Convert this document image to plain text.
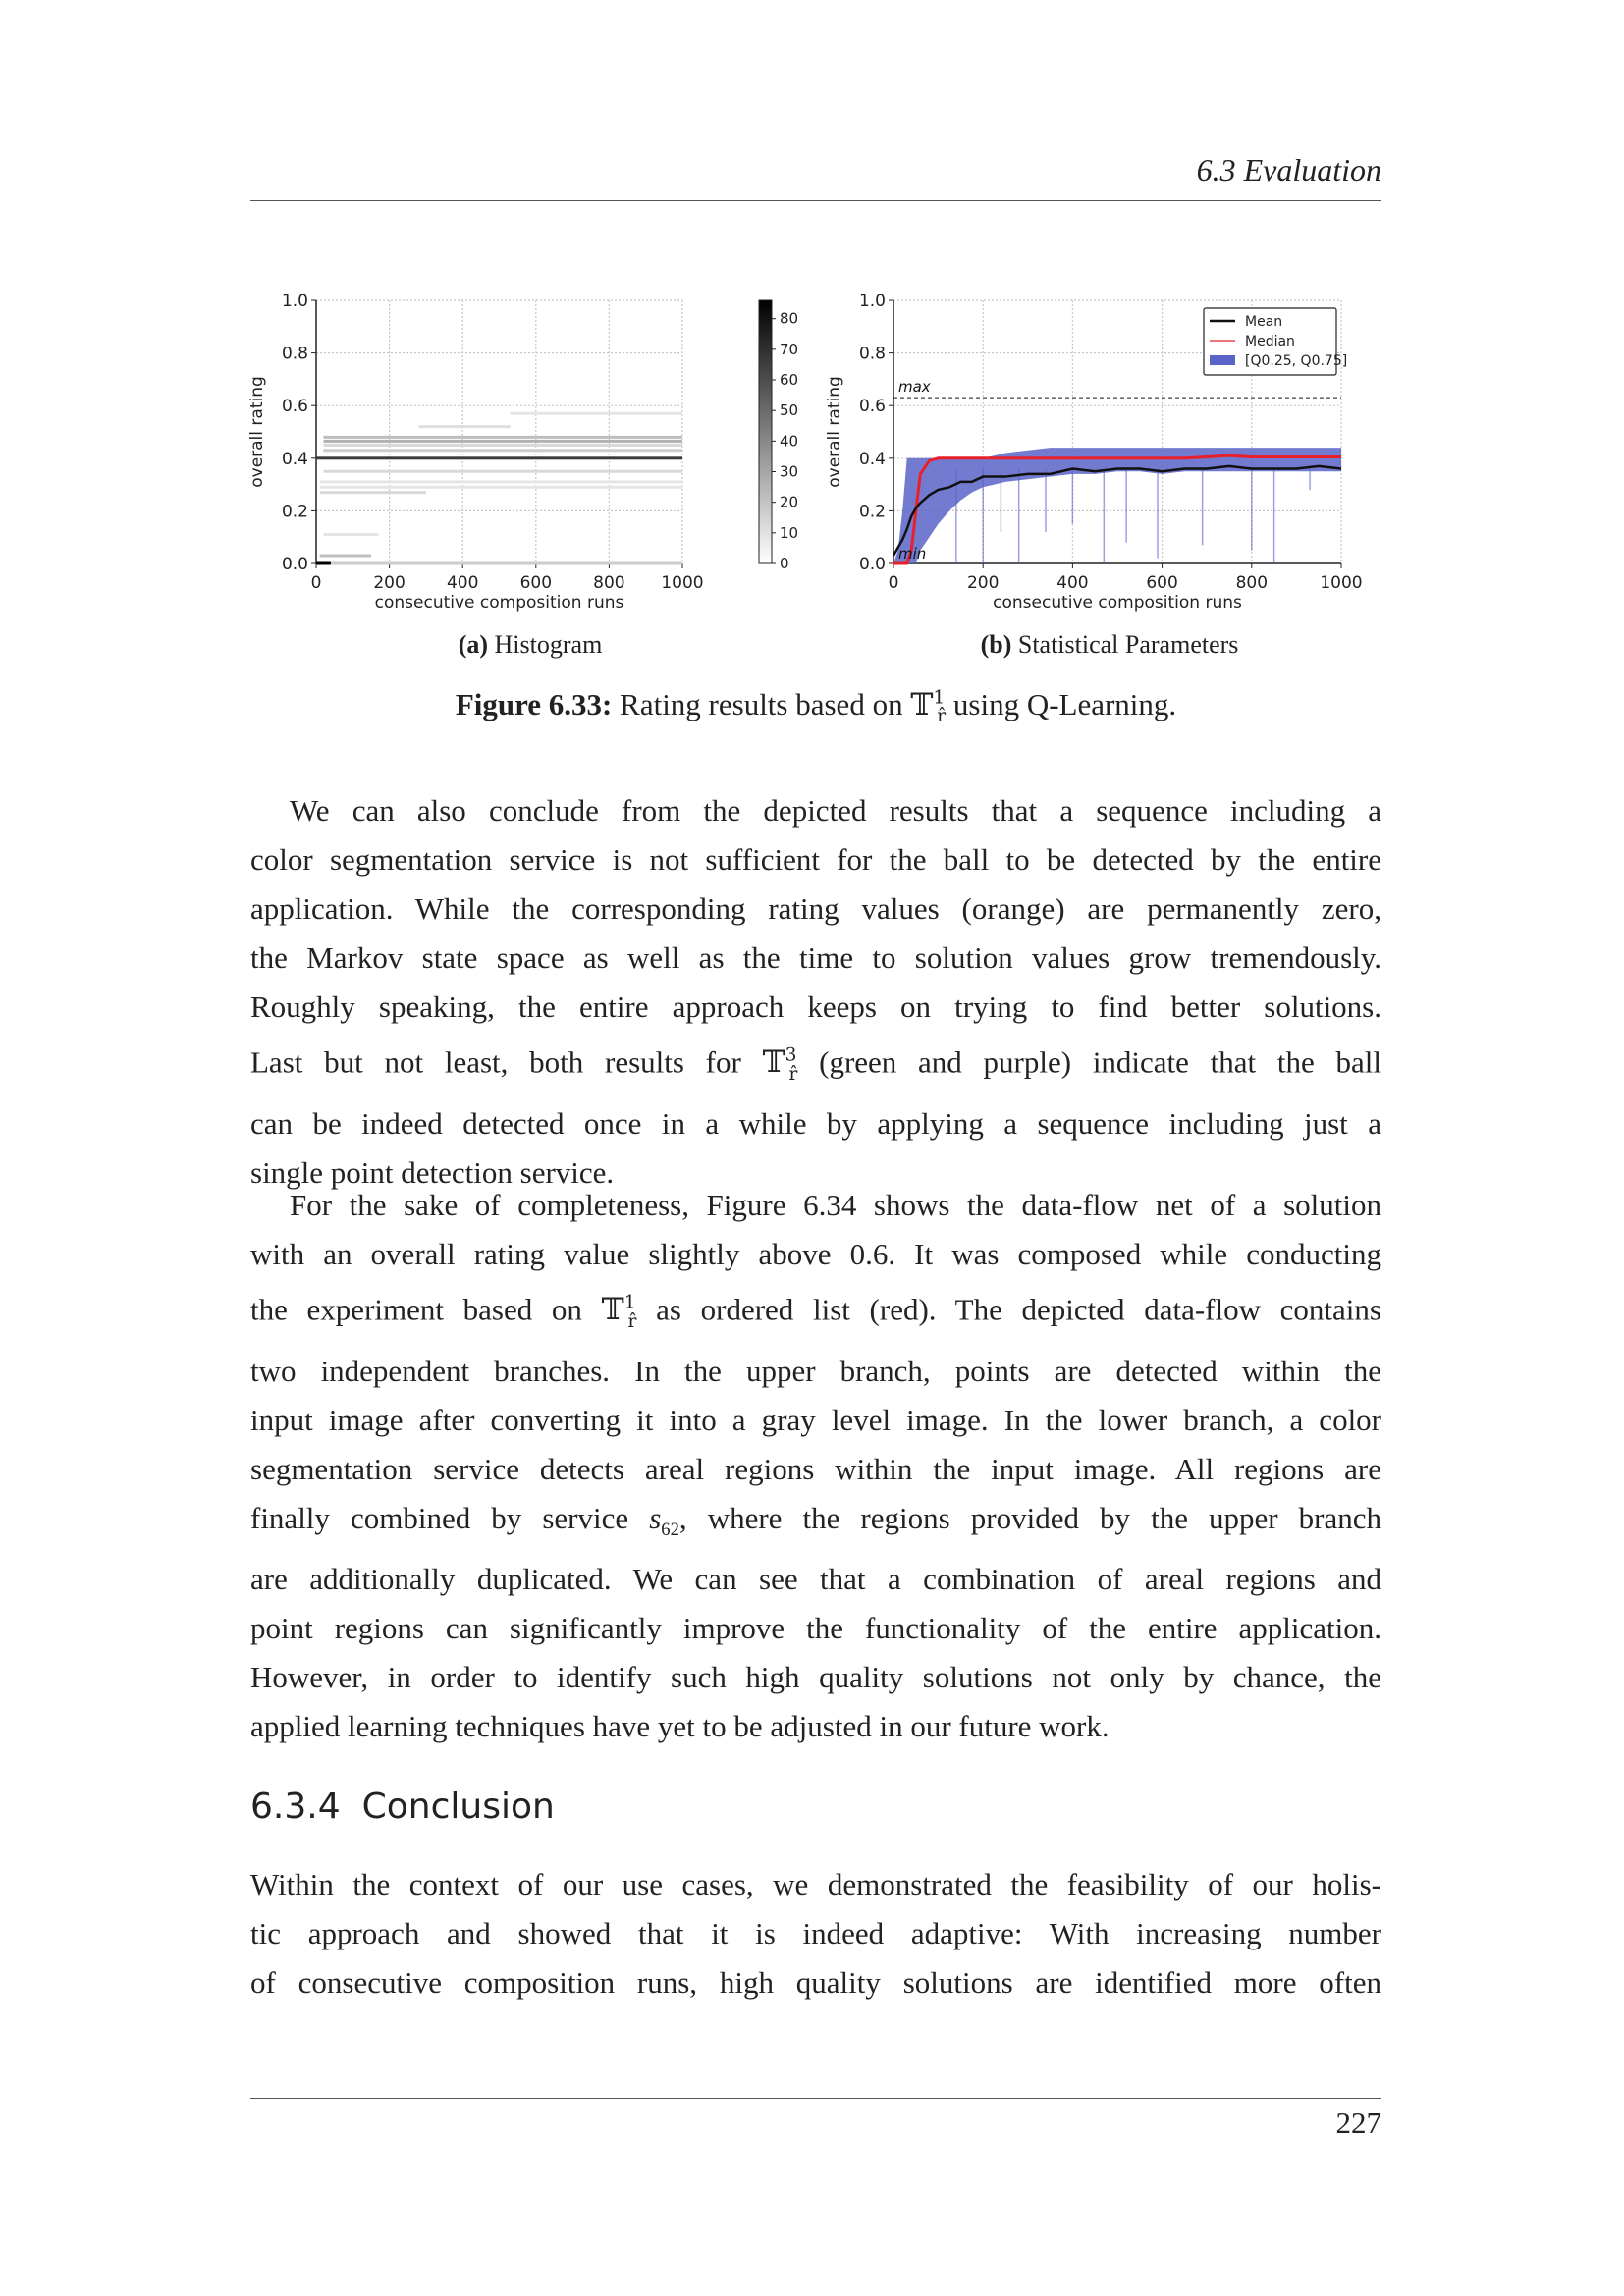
6.3 Evaluation
0	200 400 600 800 1000
0.0
0.2
0.4
0.6
0.8
1.0
consecutive composition runs
overall rating
0
10
20
30
40
50
60
70
80
0	200	400	600	800	1000
0.0
0.2
0.4
0.6
0.8
1.0
consecutive composition runs
overall rating	max
min
Mean
Median
[Q0.25, Q0.75]
(a) Histogram	(b) Statistical Parameters
Figure 6.33: Rating results based on 𝕋$^1_{r̂}$ using Q-Learning.
We can also conclude from the depicted results that a sequence including a
color segmentation service is not sufficient for the ball to be detected by the entire
application. While the corresponding rating values (orange) are permanently zero,
the Markov state space as well as the time to solution values grow tremendously.
Roughly speaking, the entire approach keeps on trying to find better solutions.
Last but not least, both results for 𝕋$^3_{r̂}$ (green and purple) indicate that the ball
can be indeed detected once in a while by applying a sequence including just a
single point detection service.
For the sake of completeness, Figure 6.34 shows the data-flow net of a solution
with an overall rating value slightly above 0.6. It was composed while conducting
the experiment based on 𝕋$^1_{r̂}$ as ordered list (red). The depicted data-flow contains
two independent branches. In the upper branch, points are detected within the
input image after converting it into a gray level image. In the lower branch, a color
segmentation service detects areal regions within the input image. All regions are
finally combined by service $s_{62}$, where the regions provided by the upper branch
are additionally duplicated. We can see that a combination of areal regions and
point regions can significantly improve the functionality of the entire application.
However, in order to identify such high quality solutions not only by chance, the
applied learning techniques have yet to be adjusted in our future work.
6.3.4 Conclusion
Within the context of our use cases, we demonstrated the feasibility of our holis-
tic approach and showed that it is indeed adaptive: With increasing number
of consecutive composition runs, high quality solutions are identified more often
227
